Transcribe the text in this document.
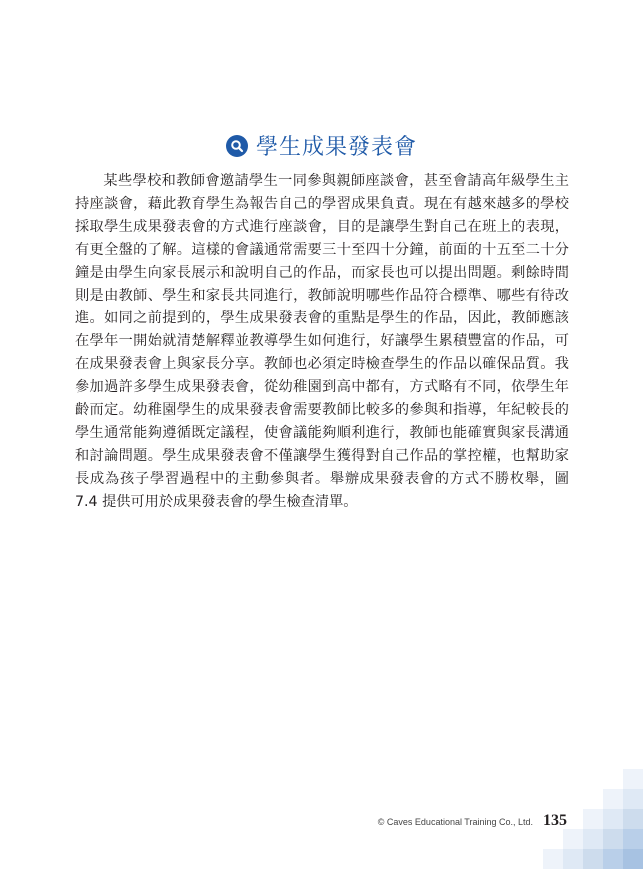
學生成果發表會

某些學校和教師會邀請學生一同參與親師座談會，甚至會請高年級學生主持座談會，藉此教育學生為報告自己的學習成果負責。現在有越來越多的學校採取學生成果發表會的方式進行座談會，目的是讓學生對自己在班上的表現，有更全盤的了解。這樣的會議通常需要三十至四十分鐘，前面的十五至二十分鐘是由學生向家長展示和說明自己的作品，而家長也可以提出問題。剩餘時間則是由教師、學生和家長共同進行，教師說明哪些作品符合標準、哪些有待改進。如同之前提到的，學生成果發表會的重點是學生的作品，因此，教師應該在學年一開始就清楚解釋並教導學生如何進行，好讓學生累積豐富的作品，可在成果發表會上與家長分享。教師也必須定時檢查學生的作品以確保品質。我參加過許多學生成果發表會，從幼稚園到高中都有，方式略有不同，依學生年齡而定。幼稚園學生的成果發表會需要教師比較多的參與和指導，年紀較長的學生通常能夠遵循既定議程，使會議能夠順利進行，教師也能確實與家長溝通和討論問題。學生成果發表會不僅讓學生獲得對自己作品的掌控權，也幫助家長成為孩子學習過程中的主動參與者。舉辦成果發表會的方式不勝枚舉，圖 7.4 提供可用於成果發表會的學生檢查清單。

© Caves Educational Training Co., Ltd. 135
